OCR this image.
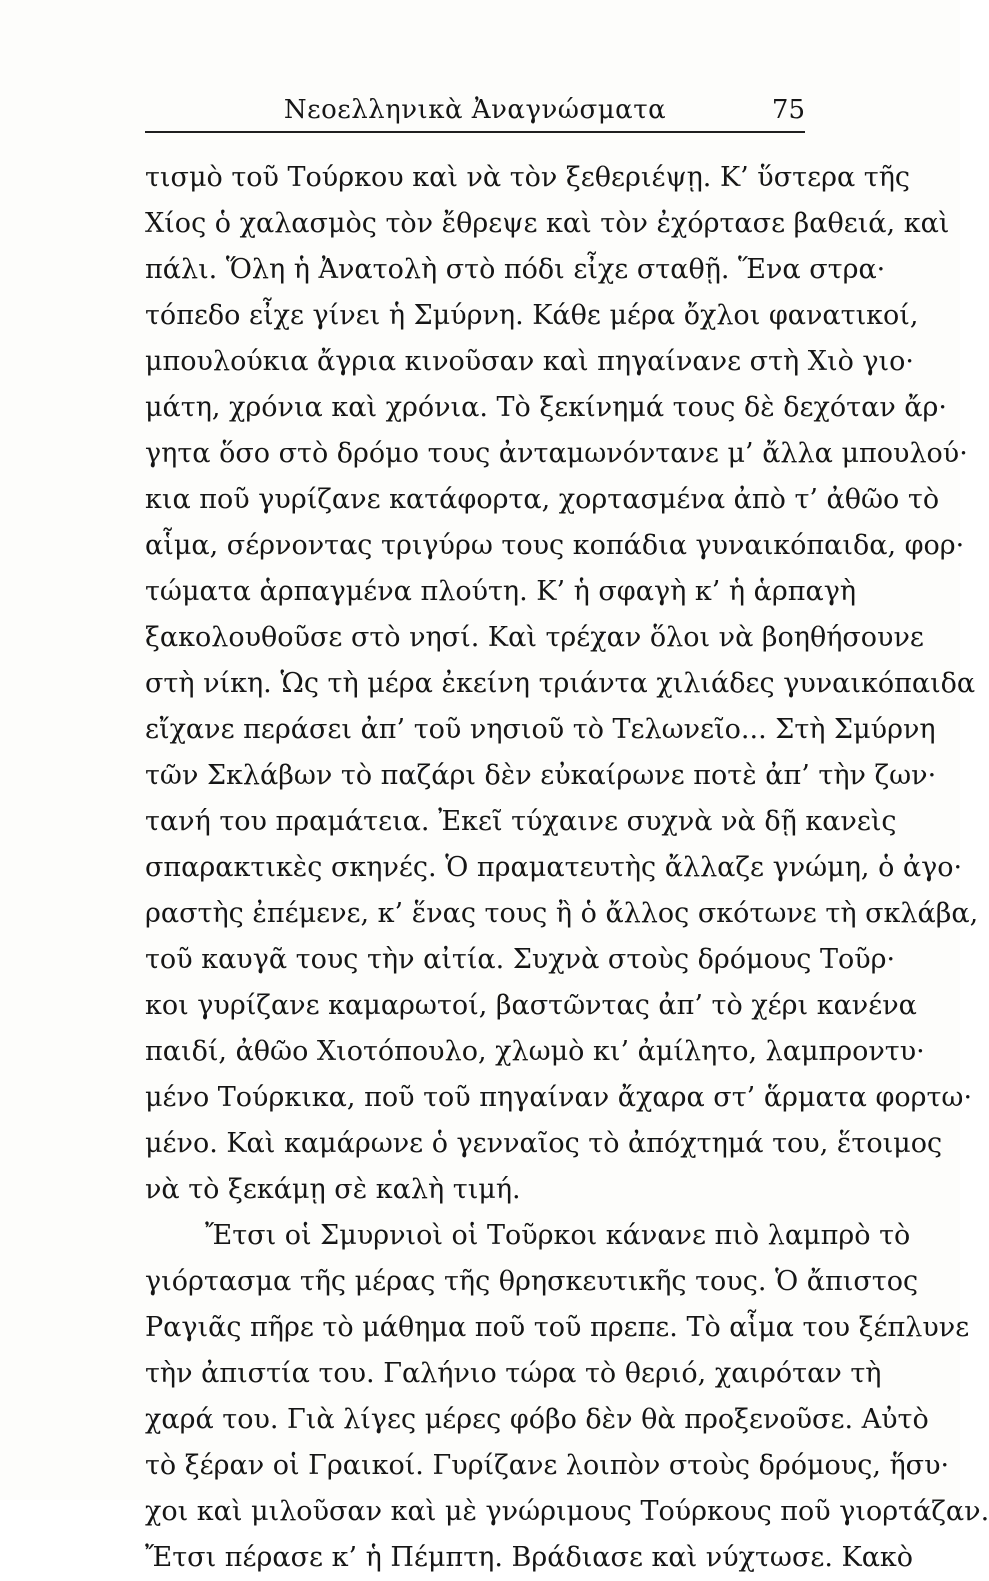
Νεοελληνικὰ Ἀναγνώσματα	75
τισμὸ τοῦ Τούρκου καὶ νὰ τὸν ξεθεριέψῃ. Κ’ ὕστερα τῆς
Χίος ὁ χαλασμὸς τὸν ἔθρεψε καὶ τὸν ἐχόρτασε βαθειά, καὶ
πάλι. Ὅλη ἡ Ἀνατολὴ στὸ πόδι εἶχε σταθῇ. Ἕνα στρα·
τόπεδο εἶχε γίνει ἡ Σμύρνη. Κάθε μέρα ὄχλοι φανατικοί,
μπουλούκια ἄγρια κινοῦσαν καὶ πηγαίνανε στὴ Χιὸ γιο·
μάτη, χρόνια καὶ χρόνια. Τὸ ξεκίνημά τους δὲ δεχόταν ἄρ·
γητα ὅσο στὸ δρόμο τους ἀνταμωνόντανε μ’ ἄλλα μπουλού·
κια ποῦ γυρίζανε κατάφορτα, χορτασμένα ἀπὸ τ’ ἀθῶο τὸ
αἷμα, σέρνοντας τριγύρω τους κοπάδια γυναικόπαιδα, φορ·
τώματα ἁρπαγμένα πλούτη. Κ’ ἡ σφαγὴ κ’ ἡ ἁρπαγὴ
ξακολουθοῦσε στὸ νησί. Καὶ τρέχαν ὅλοι νὰ βοηθήσουνε
στὴ νίκη. Ὡς τὴ μέρα ἐκείνη τριάντα χιλιάδες γυναικόπαιδα
εἴχανε περάσει ἀπ’ τοῦ νησιοῦ τὸ Τελωνεῖο... Στὴ Σμύρνη
τῶν Σκλάβων τὸ παζάρι δὲν εὐκαίρωνε ποτὲ ἀπ’ τὴν ζων·
τανή του πραμάτεια. Ἐκεῖ τύχαινε συχνὰ νὰ δῇ κανεὶς
σπαρακτικὲς σκηνές. Ὁ πραματευτὴς ἄλλαζε γνώμη, ὁ ἀγο·
ραστὴς ἐπέμενε, κ’ ἕνας τους ἢ ὁ ἄλλος σκότωνε τὴ σκλάβα,
τοῦ καυγᾶ τους τὴν αἰτία. Συχνὰ στοὺς δρόμους Τοῦρ·
κοι γυρίζανε καμαρωτοί, βαστῶντας ἀπ’ τὸ χέρι κανένα
παιδί, ἀθῶο Χιοτόπουλο, χλωμὸ κι’ ἀμίλητο, λαμπροντυ·
μένο Τούρκικα, ποῦ τοῦ πηγαίναν ἄχαρα στ’ ἅρματα φορτω·
μένο. Καὶ καμάρωνε ὁ γενναῖος τὸ ἀπόχτημά του, ἕτοιμος
νὰ τὸ ξεκάμῃ σὲ καλὴ τιμή.
Ἔτσι οἱ Σμυρνιοὶ οἱ Τοῦρκοι κάνανε πιὸ λαμπρὸ τὸ
γιόρτασμα τῆς μέρας τῆς θρησκευτικῆς τους. Ὁ ἄπιστος
Ραγιᾶς πῆρε τὸ μάθημα ποῦ τοῦ πρεπε. Τὸ αἷμα του ξέπλυνε
τὴν ἀπιστία του. Γαλήνιο τώρα τὸ θεριό, χαιρόταν τὴ
χαρά του. Γιὰ λίγες μέρες φόβο δὲν θὰ προξενοῦσε. Αὐτὸ
τὸ ξέραν οἱ Γραικοί. Γυρίζανε λοιπὸν στοὺς δρόμους, ἥσυ·
χοι καὶ μιλοῦσαν καὶ μὲ γνώριμους Τούρκους ποῦ γιορτάζαν.
Ἔτσι πέρασε κ’ ἡ Πέμπτη. Βράδιασε καὶ νύχτωσε. Κακὸ
